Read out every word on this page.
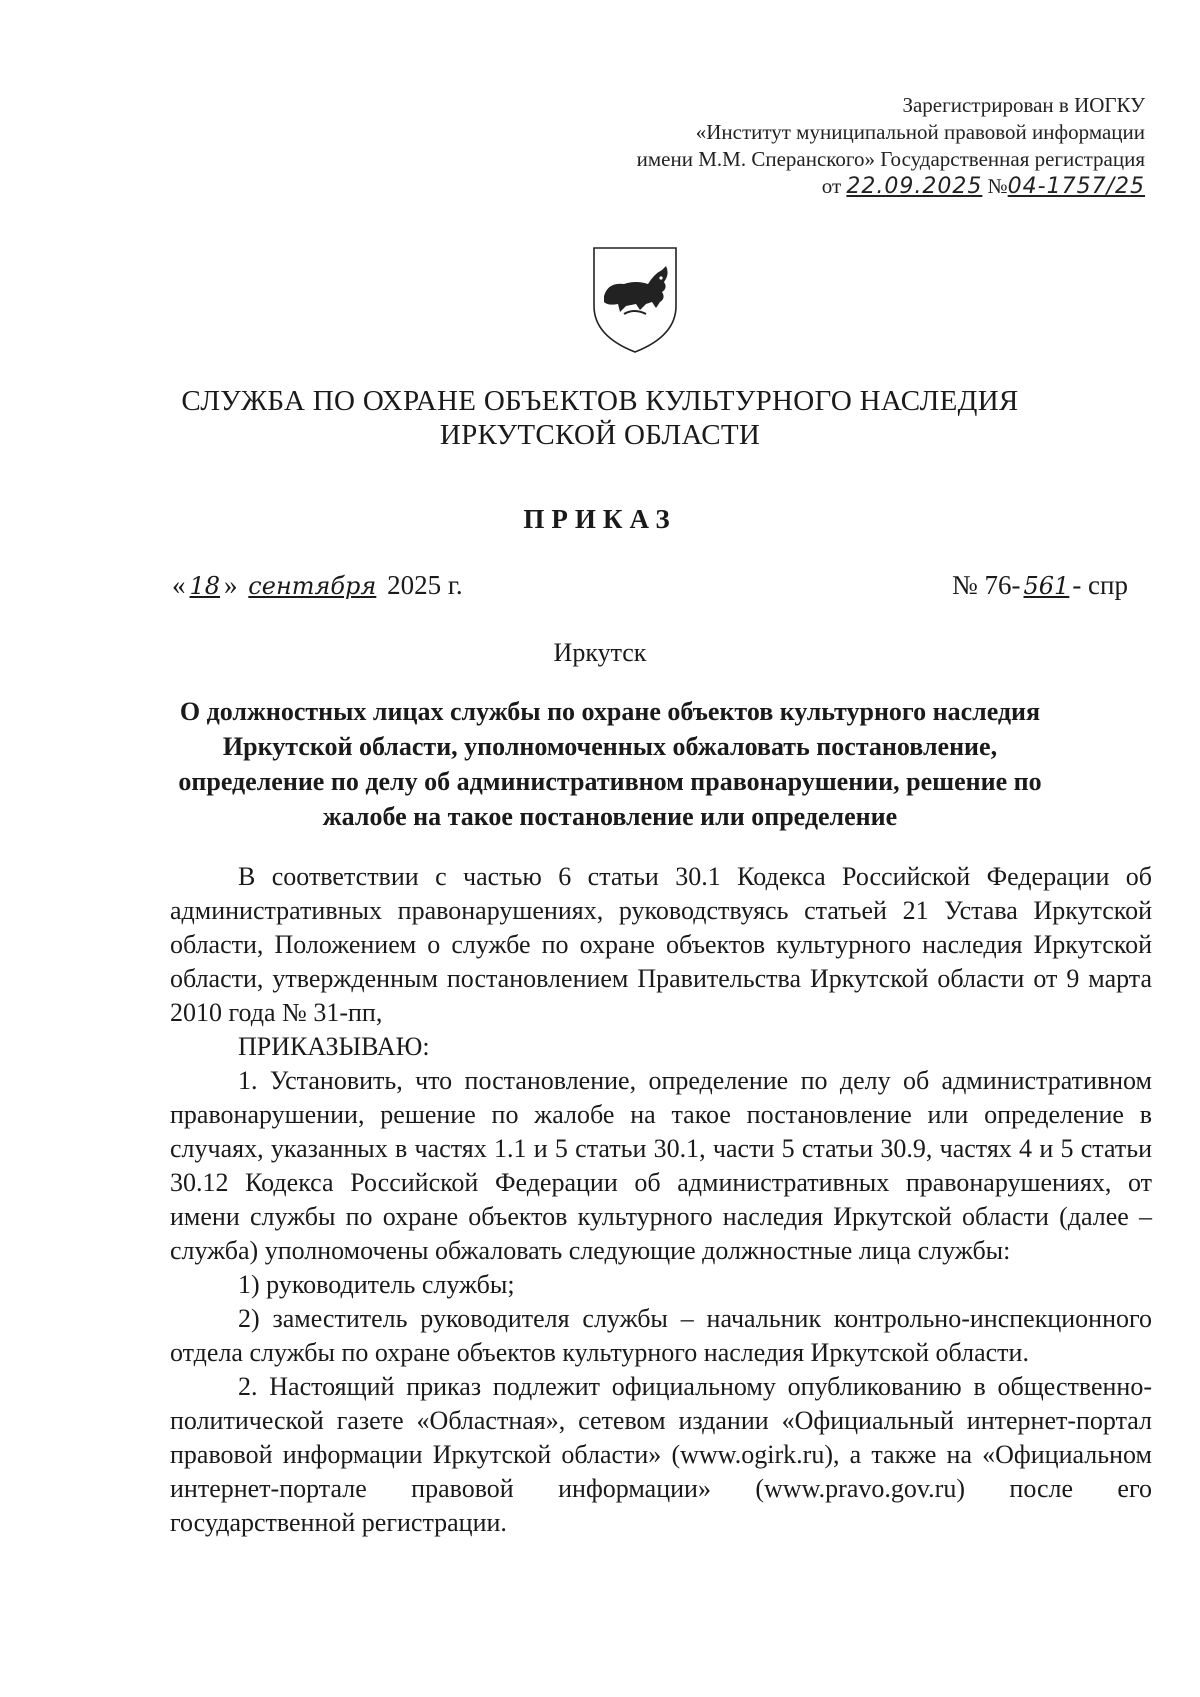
Зарегистрирован в ИОГКУ
«Институт муниципальной правовой информации
имени М.М. Сперанского» Государственная регистрация
от 22.09.2025 №04-1757/25
СЛУЖБА ПО ОХРАНЕ ОБЪЕКТОВ КУЛЬТУРНОГО НАСЛЕДИЯ
ИРКУТСКОЙ ОБЛАСТИ
ПРИКАЗ
« 18 » сентября 2025 г.	№ 76- 561 - спр
Иркутск
О должностных лицах службы по охране объектов культурного наследия
Иркутской области, уполномоченных обжаловать постановление,
определение по делу об административном правонарушении, решение по
жалобе на такое постановление или определение

В соответствии с частью 6 статьи 30.1 Кодекса Российской Федерации об административных правонарушениях, руководствуясь статьей 21 Устава Иркутской области, Положением о службе по охране объектов культурного наследия Иркутской области, утвержденным постановлением Правительства Иркутской области от 9 марта 2010 года № 31-пп,

ПРИКАЗЫВАЮ:

1. Установить, что постановление, определение по делу об административном правонарушении, решение по жалобе на такое постановление или определение в случаях, указанных в частях 1.1 и 5 статьи 30.1, части 5 статьи 30.9, частях 4 и 5 статьи 30.12 Кодекса Российской Федерации об административных правонарушениях, от имени службы по охране объектов культурного наследия Иркутской области (далее – служба) уполномочены обжаловать следующие должностные лица службы:

1) руководитель службы;

2) заместитель руководителя службы – начальник контрольно-инспекционного отдела службы по охране объектов культурного наследия Иркутской области.

2. Настоящий приказ подлежит официальному опубликованию в общественно-политической газете «Областная», сетевом издании «Официальный интернет-портал правовой информации Иркутской области» (www.ogirk.ru), а также на «Официальном интернет-портале правовой информации» (www.pravo.gov.ru) после его государственной регистрации.
